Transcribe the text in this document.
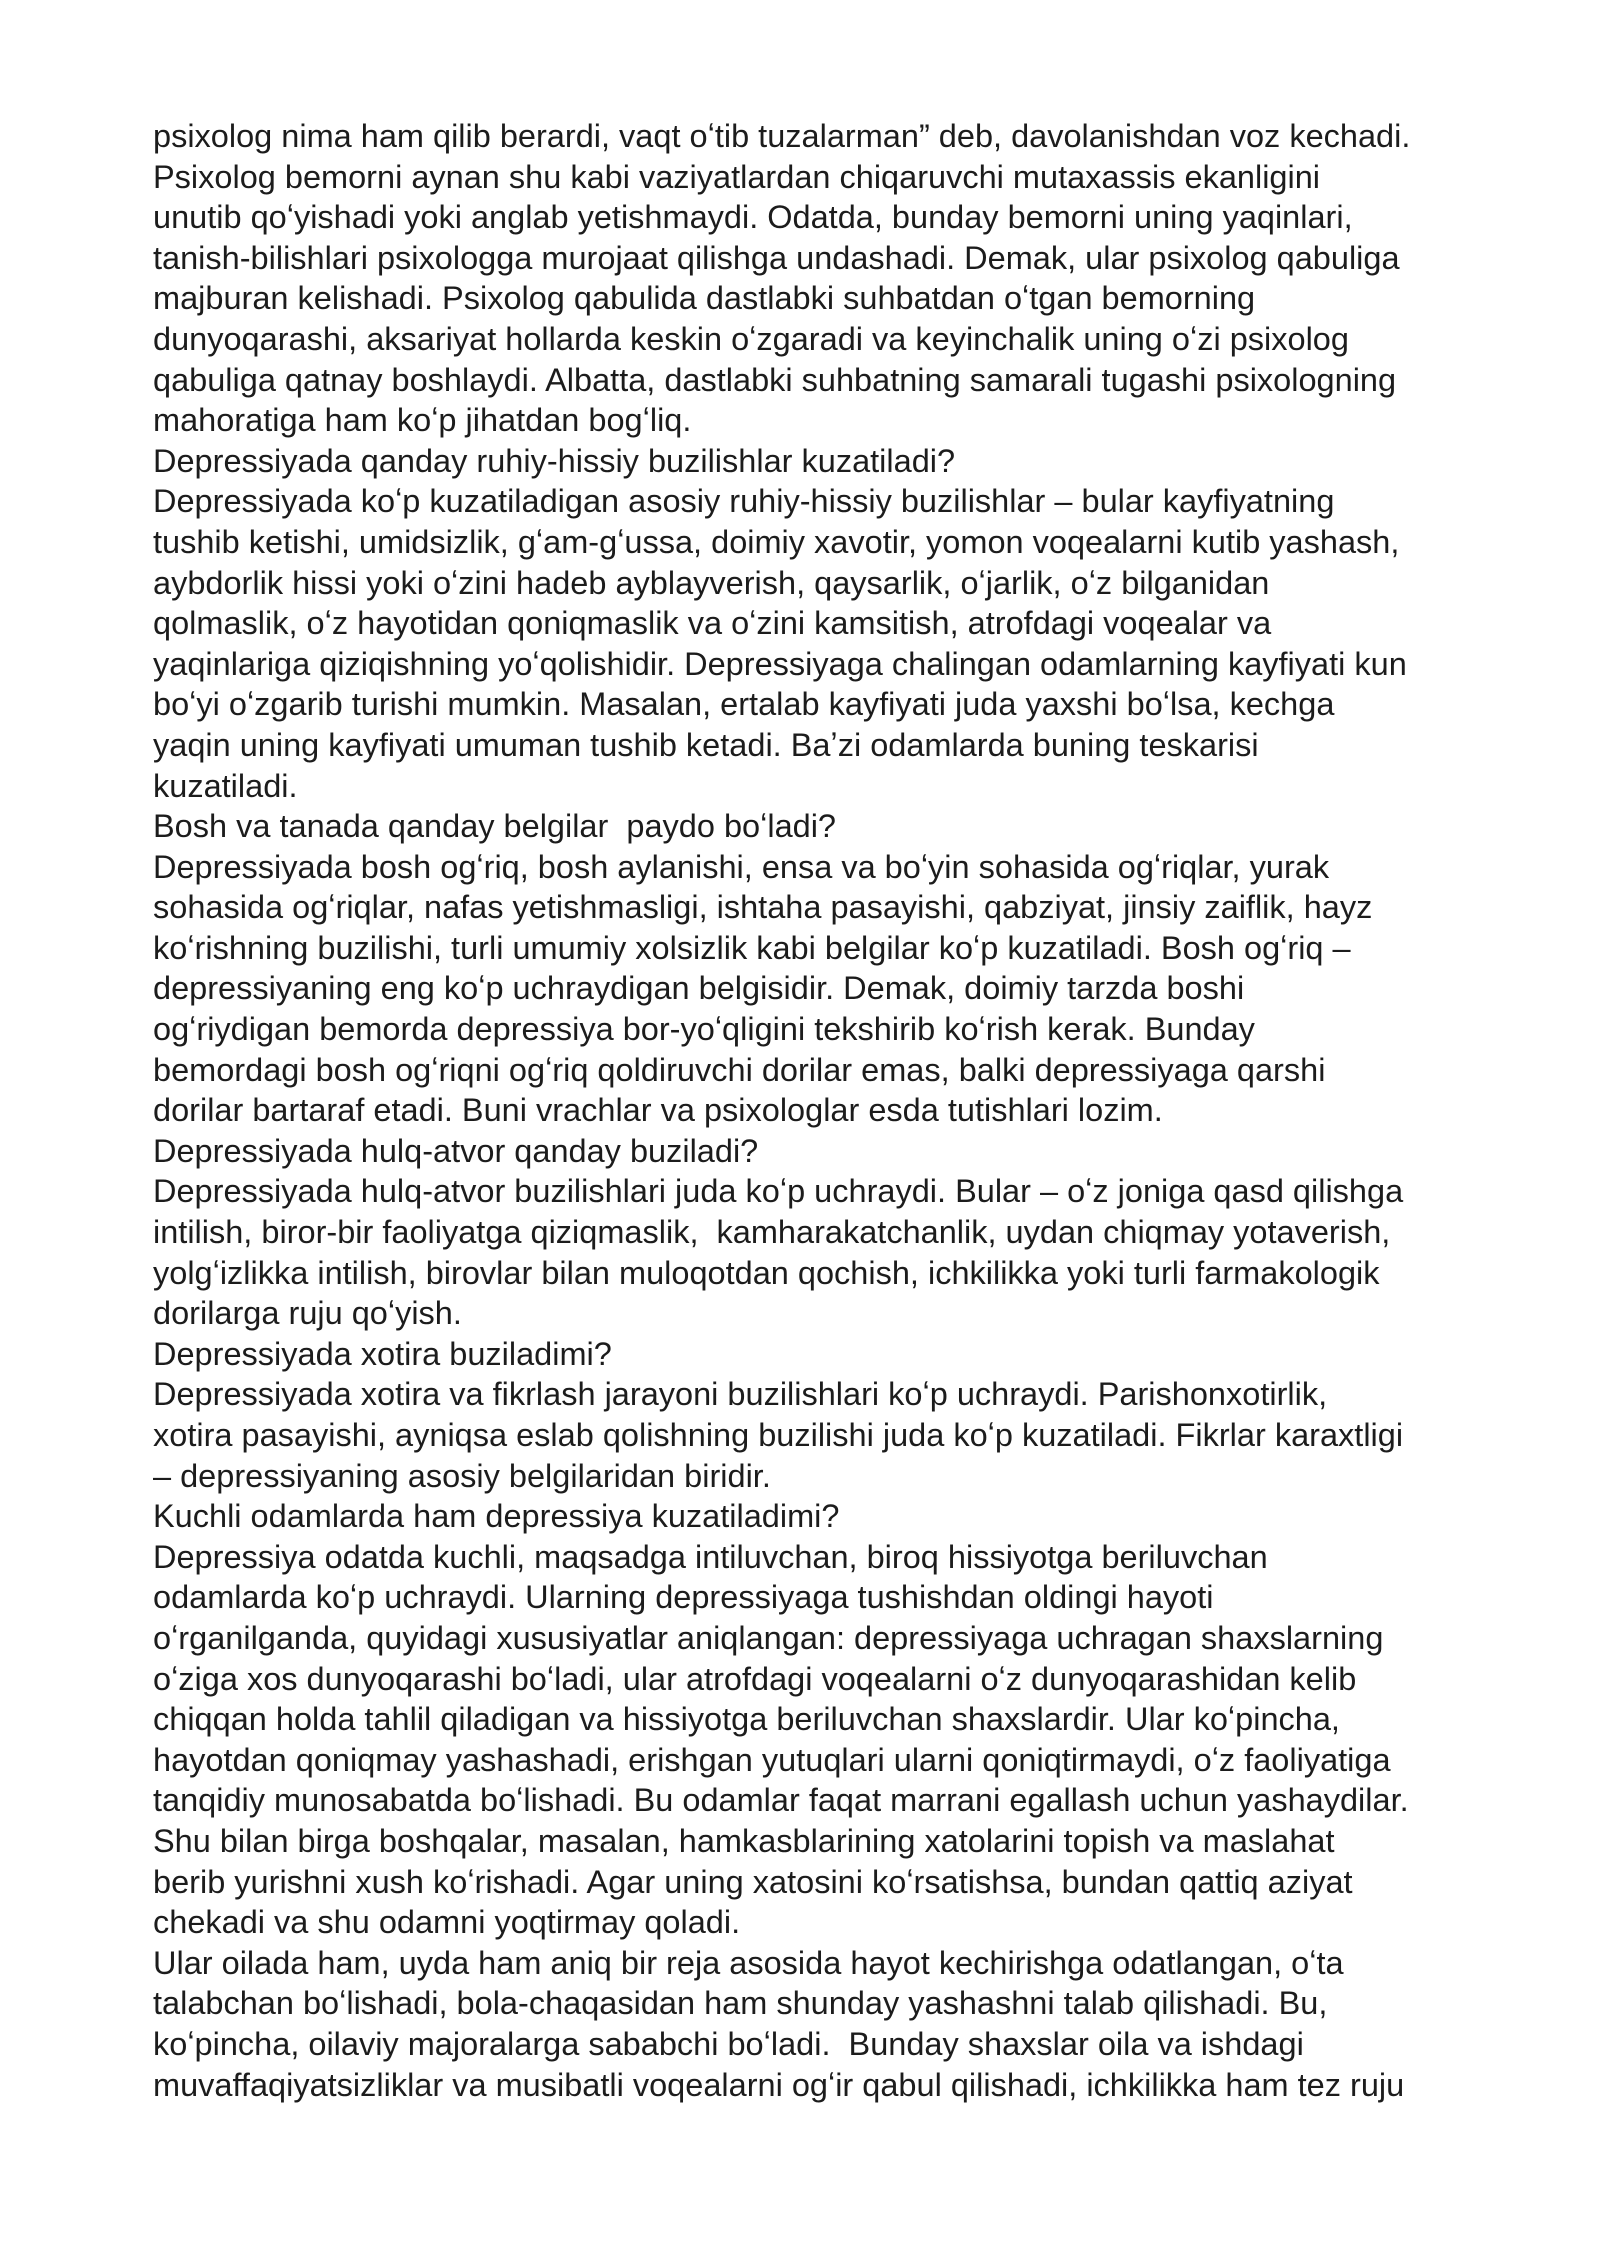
psixolog nima ham qilib berardi, vaqt oʻtib tuzalarman” deb, davolanishdan voz kechadi.
Psixolog bemorni aynan shu kabi vaziyatlardan chiqaruvchi mutaxassis ekanligini
unutib qoʻyishadi yoki anglab yetishmaydi. Odatda, bunday bemorni uning yaqinlari,
tanish-bilishlari psixologga murojaat qilishga undashadi. Demak, ular psixolog qabuliga
majburan kelishadi. Psixolog qabulida dastlabki suhbatdan oʻtgan bemorning
dunyoqarashi, aksariyat hollarda keskin oʻzgaradi va keyinchalik uning oʻzi psixolog
qabuliga qatnay boshlaydi. Albatta, dastlabki suhbatning samarali tugashi psixologning
mahoratiga ham koʻp jihatdan bogʻliq.
Depressiyada qanday ruhiy-hissiy buzilishlar kuzatiladi?
Depressiyada koʻp kuzatiladigan asosiy ruhiy-hissiy buzilishlar – bular kayfiyatning
tushib ketishi, umidsizlik, gʻam-gʻussa, doimiy xavotir, yomon voqealarni kutib yashash,
aybdorlik hissi yoki oʻzini hadeb ayblayverish, qaysarlik, oʻjarlik, oʻz bilganidan
qolmaslik, oʻz hayotidan qoniqmaslik va oʻzini kamsitish, atrofdagi voqealar va
yaqinlariga qiziqishning yoʻqolishidir. Depressiyaga chalingan odamlarning kayfiyati kun
boʻyi oʻzgarib turishi mumkin. Masalan, ertalab kayfiyati juda yaxshi boʻlsa, kechga
yaqin uning kayfiyati umuman tushib ketadi. Baʼzi odamlarda buning teskarisi
kuzatiladi.
Bosh va tanada qanday belgilar  paydo boʻladi?
Depressiyada bosh ogʻriq, bosh aylanishi, ensa va boʻyin sohasida ogʻriqlar, yurak
sohasida ogʻriqlar, nafas yetishmasligi, ishtaha pasayishi, qabziyat, jinsiy zaiflik, hayz
koʻrishning buzilishi, turli umumiy xolsizlik kabi belgilar koʻp kuzatiladi. Bosh ogʻriq –
depressiyaning eng koʻp uchraydigan belgisidir. Demak, doimiy tarzda boshi
ogʻriydigan bemorda depressiya bor-yoʻqligini tekshirib koʻrish kerak. Bunday
bemordagi bosh ogʻriqni ogʻriq qoldiruvchi dorilar emas, balki depressiyaga qarshi
dorilar bartaraf etadi. Buni vrachlar va psixologlar esda tutishlari lozim.
Depressiyada hulq-atvor qanday buziladi?
Depressiyada hulq-atvor buzilishlari juda koʻp uchraydi. Bular – oʻz joniga qasd qilishga
intilish, biror-bir faoliyatga qiziqmaslik,  kamharakatchanlik, uydan chiqmay yotaverish,
yolgʻizlikka intilish, birovlar bilan muloqotdan qochish, ichkilikka yoki turli farmakologik
dorilarga ruju qoʻyish.
Depressiyada xotira buziladimi?
Depressiyada xotira va fikrlash jarayoni buzilishlari koʻp uchraydi. Parishonxotirlik,
xotira pasayishi, ayniqsa eslab qolishning buzilishi juda koʻp kuzatiladi. Fikrlar karaxtligi
– depressiyaning asosiy belgilaridan biridir.
Kuchli odamlarda ham depressiya kuzatiladimi?
Depressiya odatda kuchli, maqsadga intiluvchan, biroq hissiyotga beriluvchan
odamlarda koʻp uchraydi. Ularning depressiyaga tushishdan oldingi hayoti
oʻrganilganda, quyidagi xususiyatlar aniqlangan: depressiyaga uchragan shaxslarning
oʻziga xos dunyoqarashi boʻladi, ular atrofdagi voqealarni oʻz dunyoqarashidan kelib
chiqqan holda tahlil qiladigan va hissiyotga beriluvchan shaxslardir. Ular koʻpincha,
hayotdan qoniqmay yashashadi, erishgan yutuqlari ularni qoniqtirmaydi, oʻz faoliyatiga
tanqidiy munosabatda boʻlishadi. Bu odamlar faqat marrani egallash uchun yashaydilar.
Shu bilan birga boshqalar, masalan, hamkasblarining xatolarini topish va maslahat
berib yurishni xush koʻrishadi. Agar uning xatosini koʻrsatishsa, bundan qattiq aziyat
chekadi va shu odamni yoqtirmay qoladi.
Ular oilada ham, uyda ham aniq bir reja asosida hayot kechirishga odatlangan, oʻta
talabchan boʻlishadi, bola-chaqasidan ham shunday yashashni talab qilishadi. Bu,
koʻpincha, oilaviy majoralarga sababchi boʻladi.  Bunday shaxslar oila va ishdagi
muvaffaqiyatsizliklar va musibatli voqealarni ogʻir qabul qilishadi, ichkilikka ham tez ruju
